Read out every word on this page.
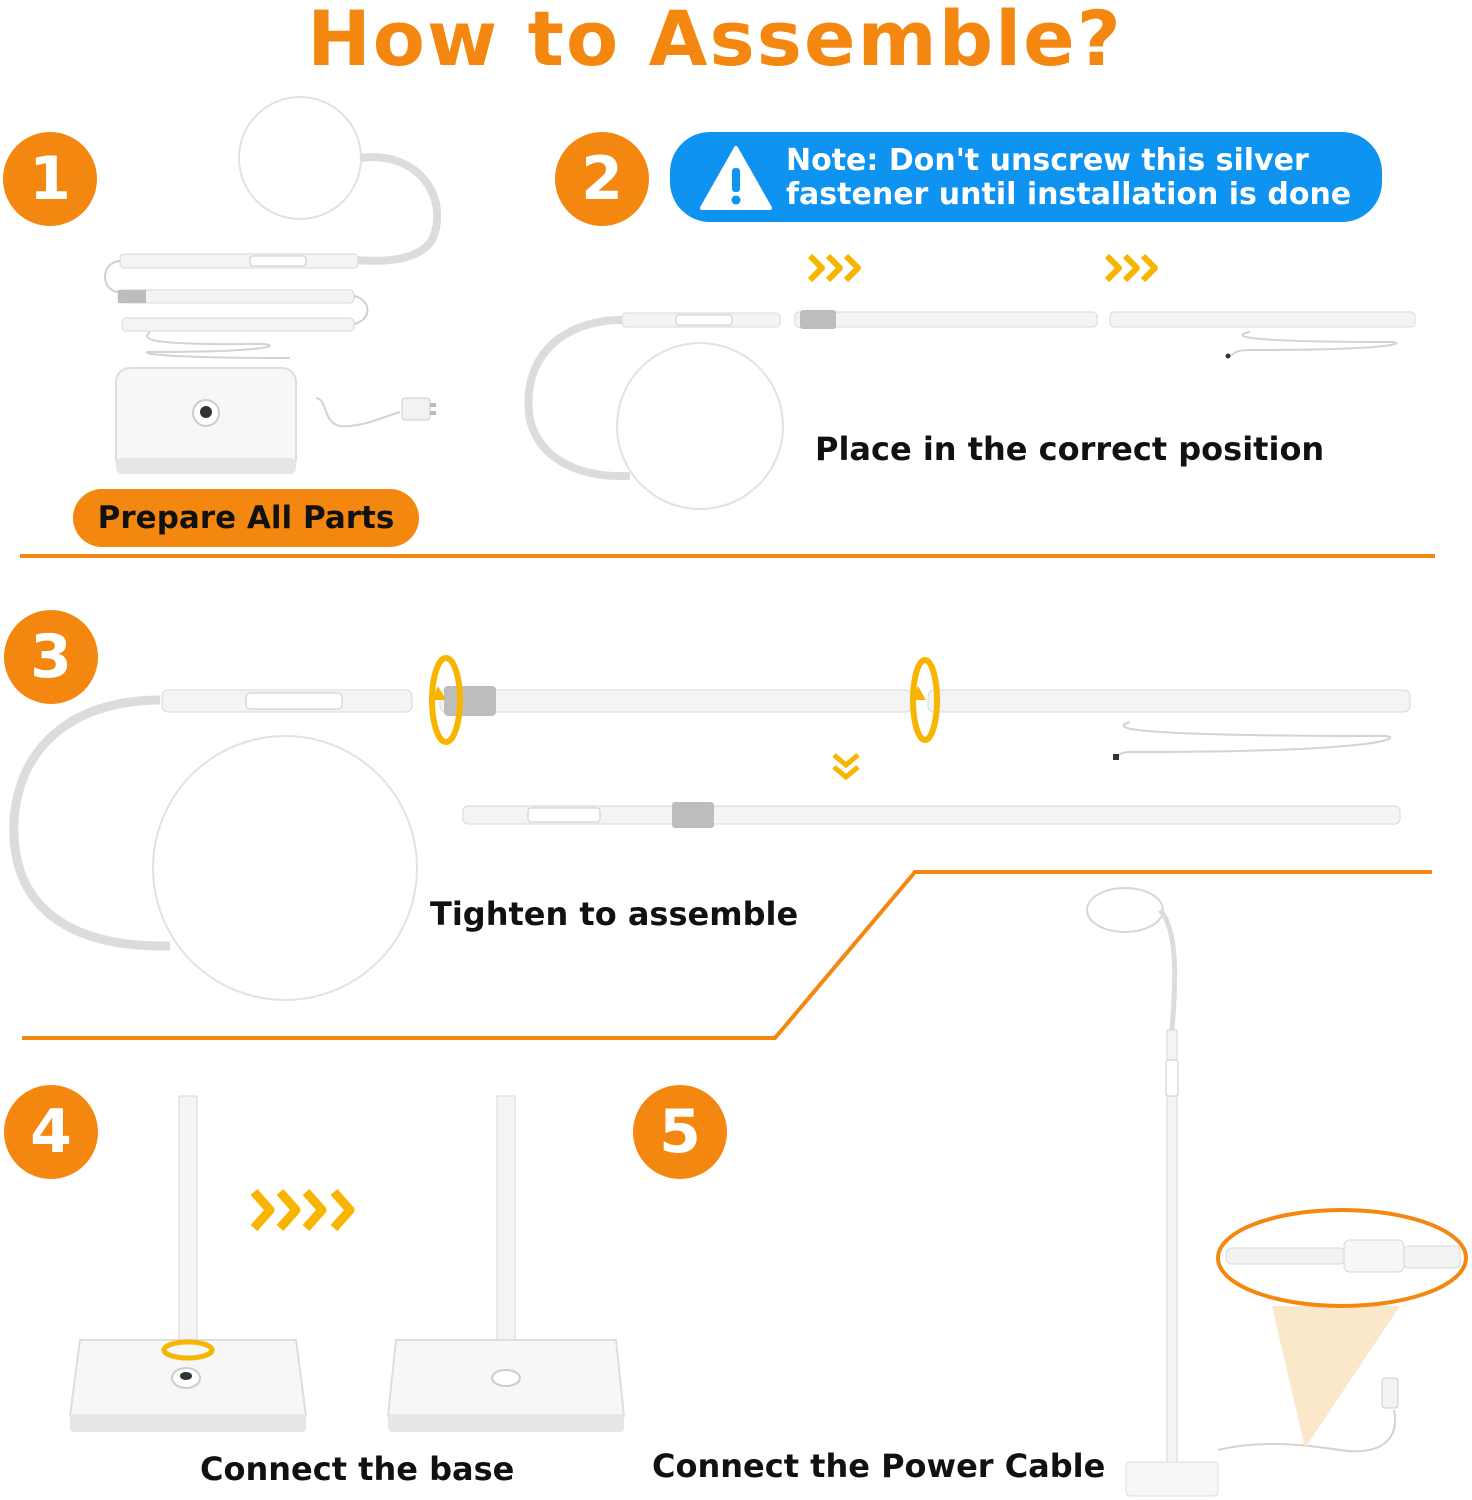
How to Assemble?
1	2
3
4	5
Note: Don't unscrew this silver
fastener until installation is done
Prepare All Parts
Place in the correct position
Tighten to assemble
Connect the base	Connect the Power Cable
